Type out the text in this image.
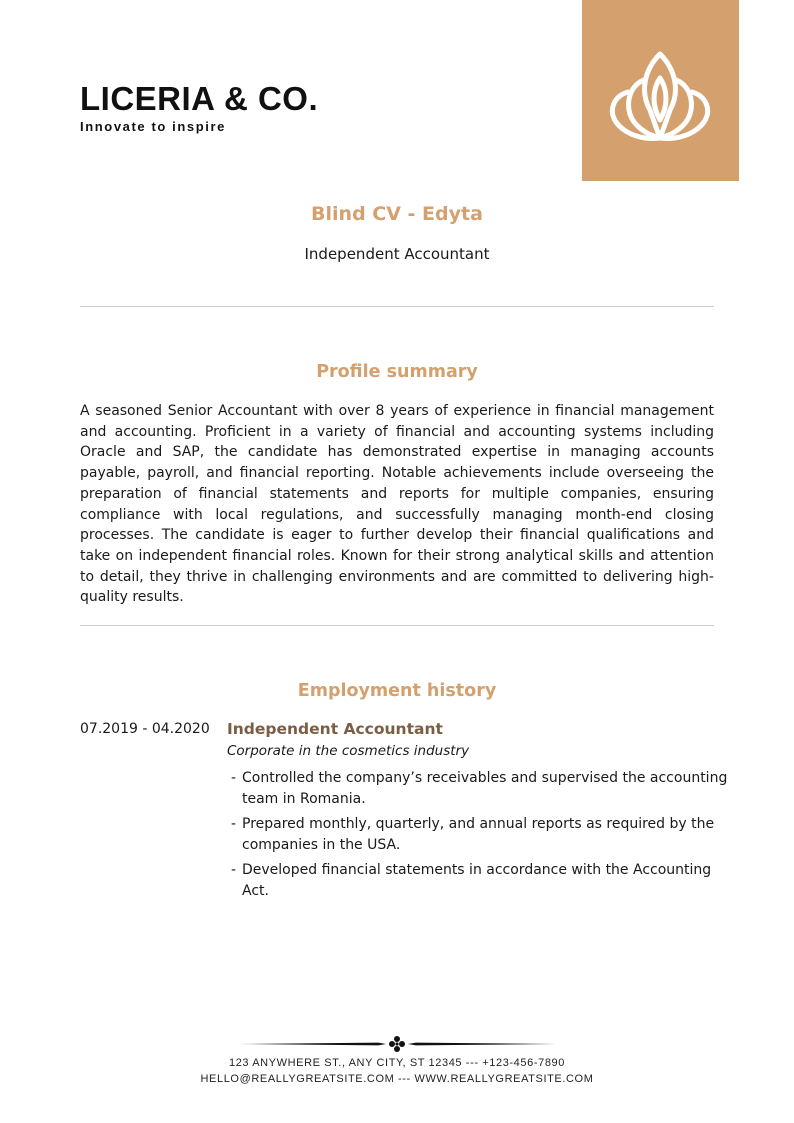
LICERIA & CO.
Innovate to inspire
Blind CV - Edyta
Independent Accountant
Profile summary
A seasoned Senior Accountant with over 8 years of experience in financial management and accounting. Proficient in a variety of financial and accounting systems including Oracle and SAP, the candidate has demonstrated expertise in managing accounts payable, payroll, and financial reporting. Notable achievements include overseeing the preparation of financial statements and reports for multiple companies, ensuring compliance with local regulations, and successfully managing month-end closing processes. The candidate is eager to further develop their financial qualifications and take on independent financial roles. Known for their strong analytical skills and attention to detail, they thrive in challenging environments and are committed to delivering high-quality results.
Employment history
07.2019 - 04.2020 Independent Accountant
Corporate in the cosmetics industry
- Controlled the company’s receivables and supervised the accounting team in Romania.
- Prepared monthly, quarterly, and annual reports as required by the companies in the USA.
- Developed financial statements in accordance with the Accounting Act.
123 ANYWHERE ST., ANY CITY, ST 12345 --- +123-456-7890
HELLO@REALLYGREATSITE.COM --- WWW.REALLYGREATSITE.COM
